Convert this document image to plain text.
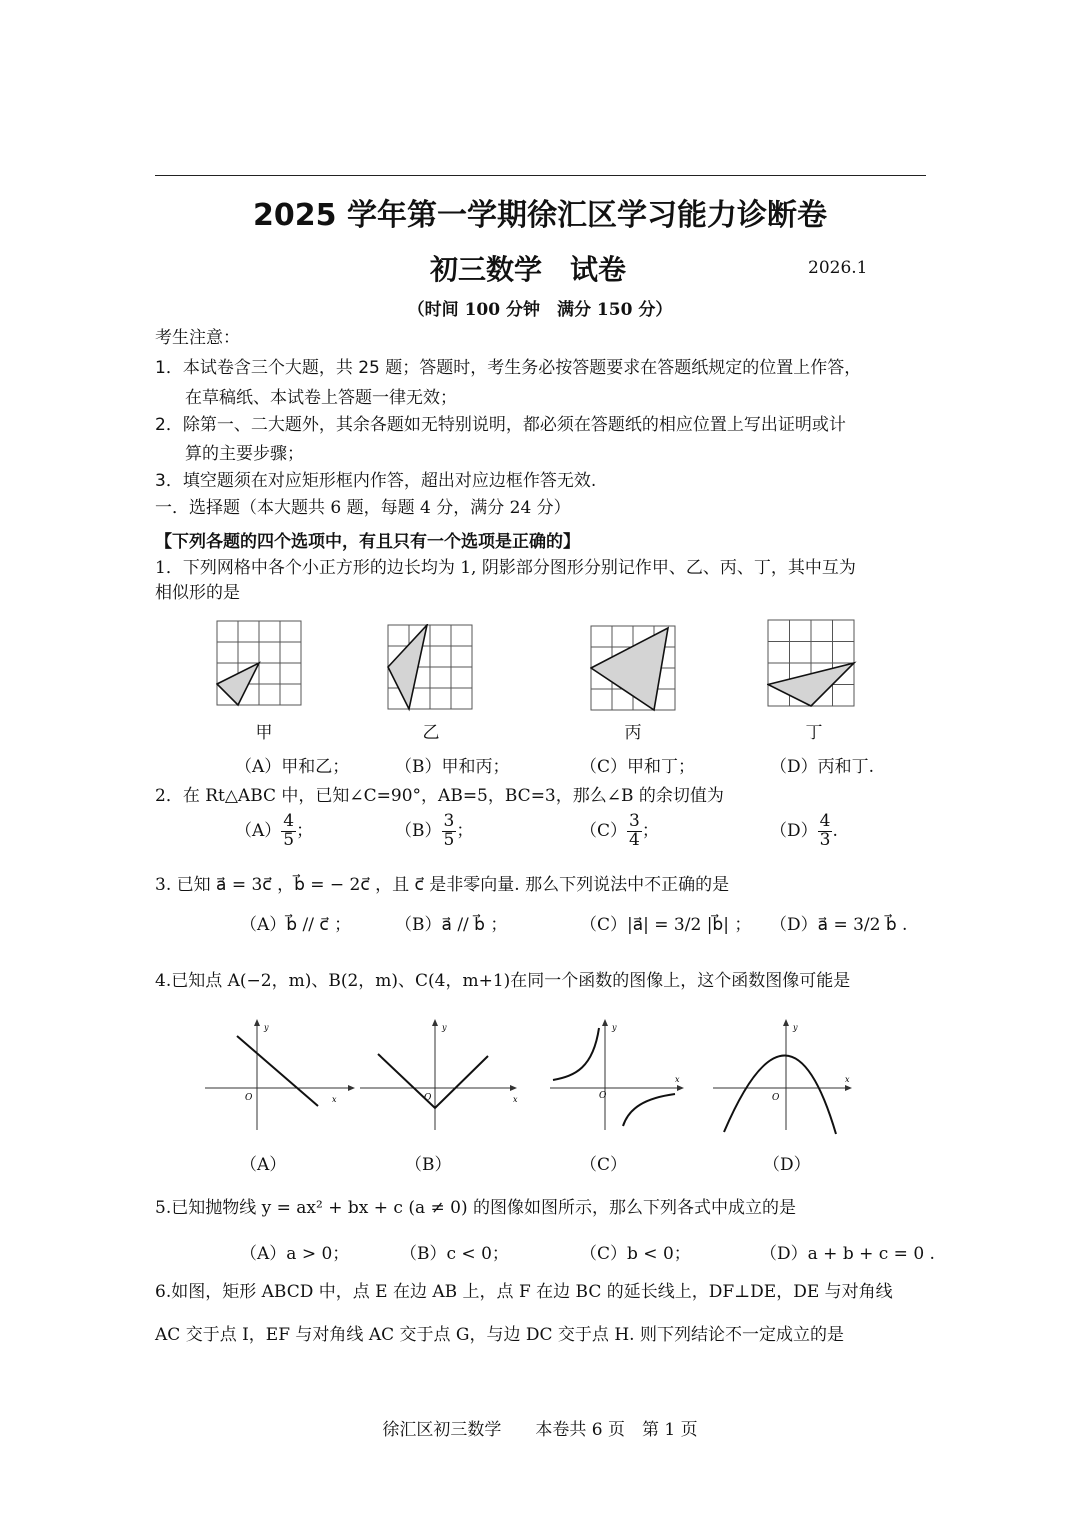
2025 学年第一学期徐汇区学习能力诊断卷
初三数学　试卷	2026.1
（时间 100 分钟　满分 150 分）
考生注意：
1．本试卷含三个大题，共 25 题；答题时，考生务必按答题要求在答题纸规定的位置上作答，
在草稿纸、本试卷上答题一律无效；
2．除第一、二大题外，其余各题如无特别说明，都必须在答题纸的相应位置上写出证明或计
算的主要步骤；
3．填空题须在对应矩形框内作答，超出对应边框作答无效.
一．选择题（本大题共 6 题，每题 4 分，满分 24 分）
【下列各题的四个选项中，有且只有一个选项是正确的】
1．下列网格中各个小正方形的边长均为 1, 阴影部分图形分别记作甲、乙、丙、丁，其中互为
相似形的是
甲	乙	丙	丁
（A）甲和乙；	（B）甲和丙；	（C）甲和丁；	（D）丙和丁.
2．在 Rt△ABC 中，已知∠C=90°，AB=5，BC=3，那么∠B 的余切值为
$(A) \frac{4}{5}$ ；	$(B) \frac{3}{5}$ ；	$(C) \frac{3}{4}$ ；	$(D) \frac{4}{3}$ .
3. 已知 a⃗ = 3c⃗ ，b⃗ = − 2c⃗ ，且 c⃗ 是非零向量. 那么下列说法中不正确的是
（A）b⃗ // c⃗ ；	（B）a⃗ // b⃗ ；	（C）|a⃗| = 3/2 |b⃗| ； （D）a⃗ = 3/2 b⃗ .
4.已知点 A(−2，m)、B(2，m)、C(4，m+1)在同一个函数的图像上，这个函数图像可能是
y
x
O
y
x
O
y
x
O
y
x
O
（A）	（B）	（C）	（D）
5.已知抛物线 y = ax² + bx + c (a ≠ 0) 的图像如图所示，那么下列各式中成立的是
（A）a > 0；	（B）c < 0；	（C）b < 0；	（D）a + b + c = 0 .
6.如图，矩形 ABCD 中，点 E 在边 AB 上，点 F 在边 BC 的延长线上，DF⊥DE，DE 与对角线
AC 交于点 I，EF 与对角线 AC 交于点 G，与边 DC 交于点 H. 则下列结论不一定成立的是
徐汇区初三数学　　本卷共 6 页　第 1 页
